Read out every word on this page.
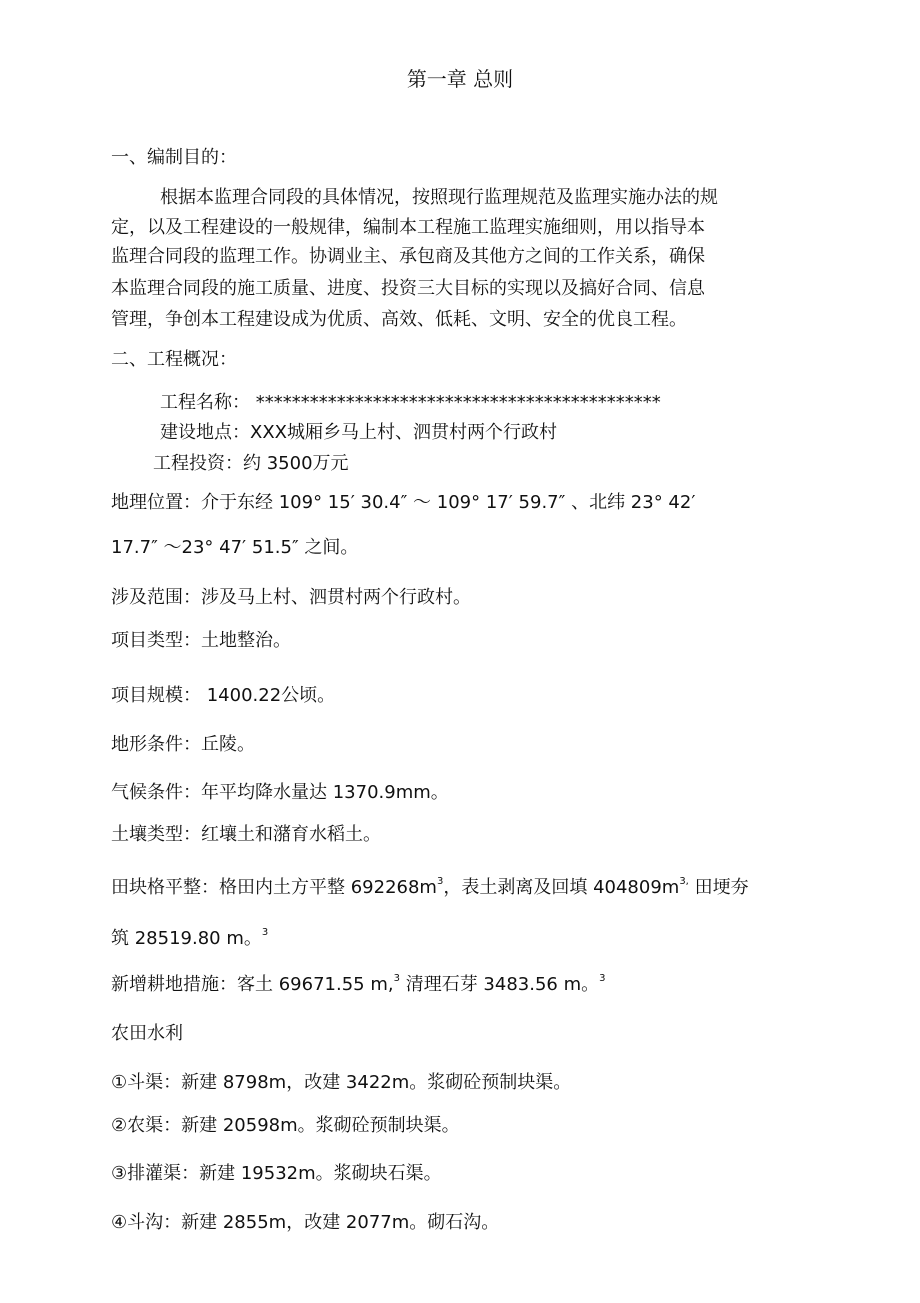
第一章 总则
一、编制目的：
根据本监理合同段的具体情况，按照现行监理规范及监理实施办法的规
定，以及工程建设的一般规律，编制本工程施工监理实施细则，用以指导本
监理合同段的监理工作。协调业主、承包商及其他方之间的工作关系，确保
本监理合同段的施工质量、进度、投资三大目标的实现以及搞好合同、信息
管理，争创本工程建设成为优质、高效、低耗、文明、安全的优良工程。
二、工程概况：
工程名称： *********************************************
建设地点：XXX城厢乡马上村、泗贯村两个行政村
工程投资：约 3500万元
地理位置：介于东经 109° 15′ 30.4″ ～ 109° 17′ 59.7″ 、北纬 23° 42′
17.7″ ～23° 47′ 51.5″ 之间。
涉及范围：涉及马上村、泗贯村两个行政村。
项目类型：土地整治。
项目规模： 1400.22公顷。
地形条件：丘陵。
气候条件：年平均降水量达 1370.9mm。
土壤类型：红壤土和潴育水稻土。
田块格平整：格田内土方平整 $692268m^3$，表土剥离及回填 $404809m^{3,}$ 田埂夯
筑 28519.80 m。$^3$
新增耕地措施：客土 69671.55 m,$^3$ 清理石芽 3483.56 m。$^3$
农田水利
①斗渠：新建 8798m，改建 3422m。浆砌砼预制块渠。
②农渠：新建 20598m。浆砌砼预制块渠。
③排灌渠：新建 19532m。浆砌块石渠。
④斗沟：新建 2855m，改建 2077m。砌石沟。
